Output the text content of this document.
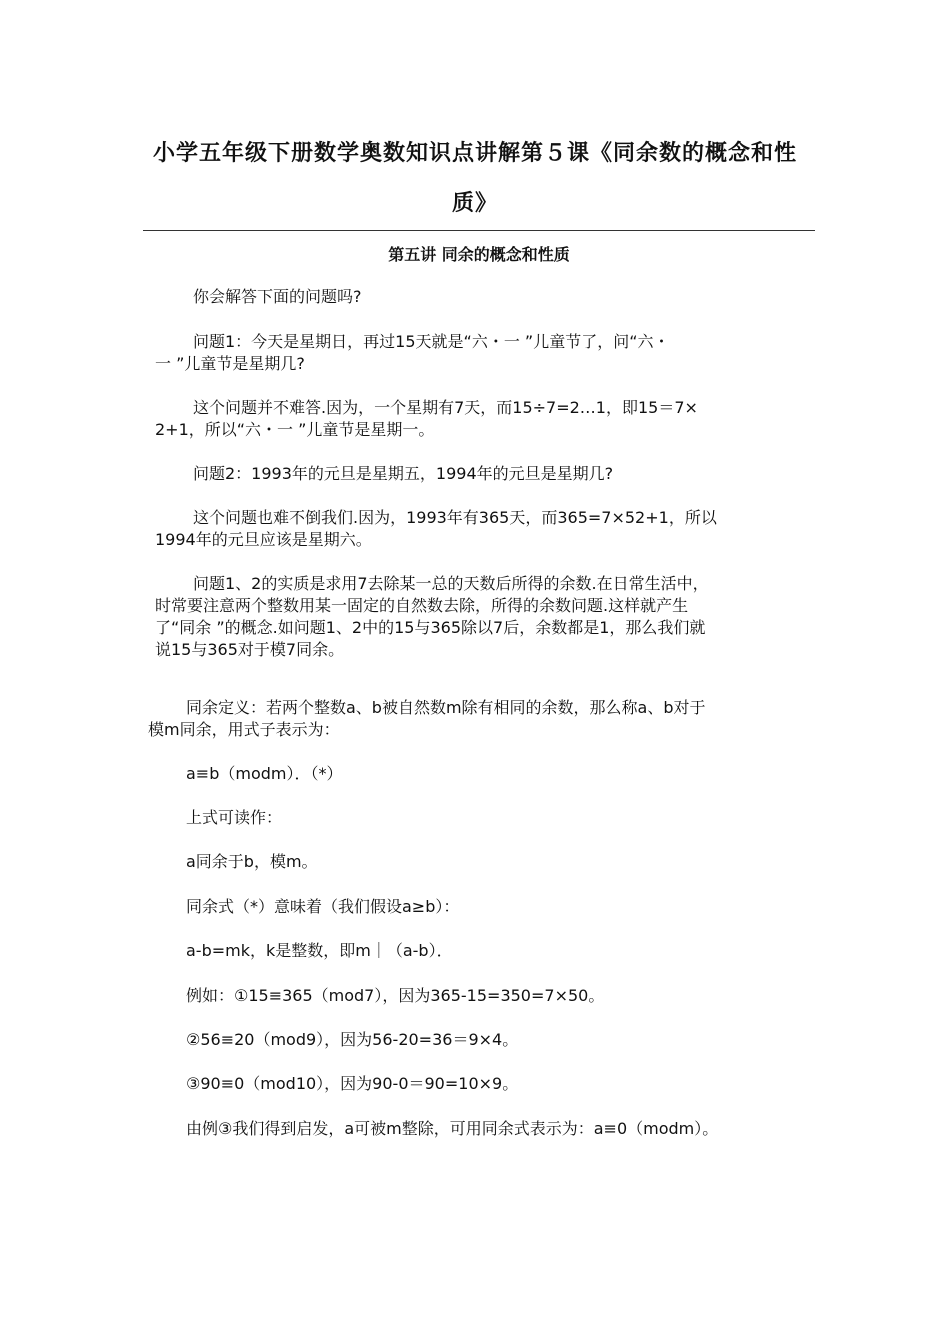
小学五年级下册数学奥数知识点讲解第５课《同余数的概念和性
质》
第五讲 同余的概念和性质

你会解答下面的问题吗?

问题1：今天是星期日，再过15天就是“六・一 ”儿童节了，问“六・
一 ”儿童节是星期几?

这个问题并不难答.因为，一个星期有7天，而15÷7=2…1，即15＝7×
2+1，所以“六・一 ”儿童节是星期一。

问题2：1993年的元旦是星期五，1994年的元旦是星期几?

这个问题也难不倒我们.因为，1993年有365天，而365=7×52+1，所以
1994年的元旦应该是星期六。

问题1、2的实质是求用7去除某一总的天数后所得的余数.在日常生活中，
时常要注意两个整数用某一固定的自然数去除，所得的余数问题.这样就产生
了“同余 ”的概念.如问题1、2中的15与365除以7后，余数都是1，那么我们就
说15与365对于模7同余。

同余定义：若两个整数a、b被自然数m除有相同的余数，那么称a、b对于
模m同余，用式子表示为：

a≡b（modm）．（*）

上式可读作：

a同余于b，模m。

同余式（*）意味着（我们假设a≥b）：

a-b=mk，k是整数，即m｜（a-b）．

例如：①15≡365（mod7），因为365-15=350=7×50。

②56≡20（mod9），因为56-20=36＝9×4。

③90≡0（mod10），因为90-0＝90=10×9。

由例③我们得到启发，a可被m整除，可用同余式表示为：a≡0（modm）。
